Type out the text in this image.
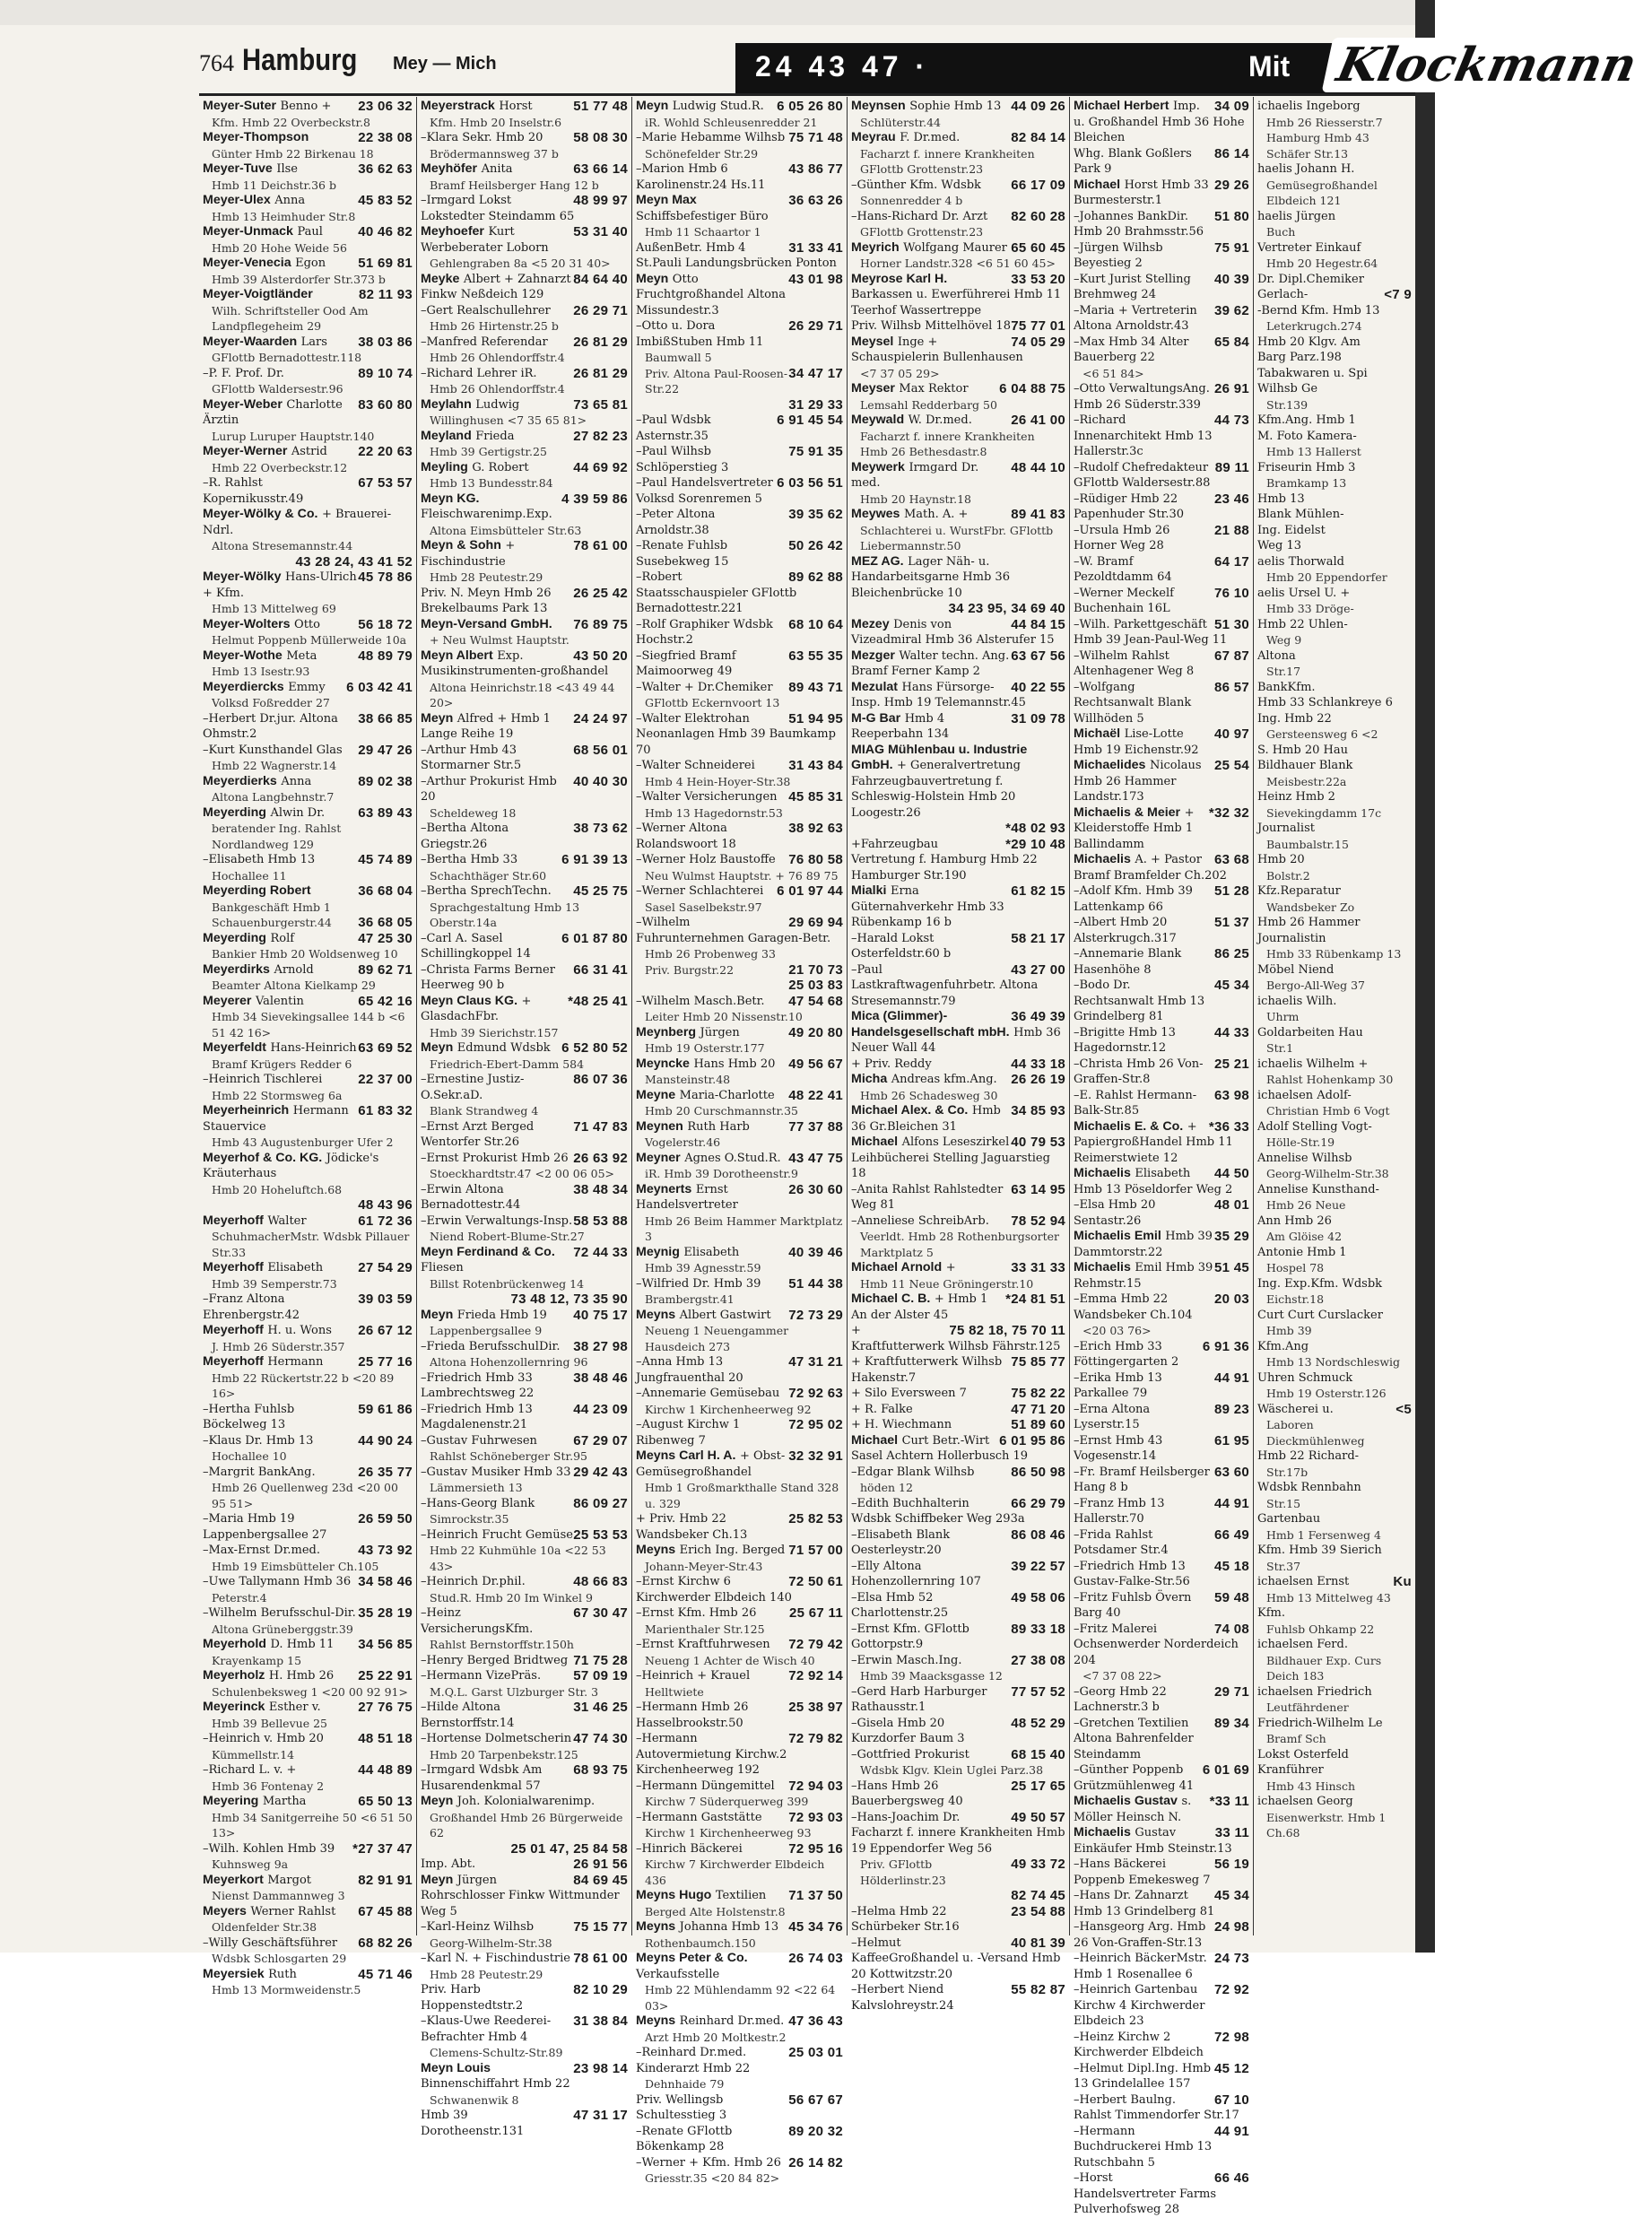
764 Hamburg Mey — Mich	24 43 47 ·	Mit Klockmann
23 06 32
Meyer-Suter Benno +
Kfm. Hmb 22 Overbeckstr.8
22 38 08
Meyer-Thompson
Günter Hmb 22 Birkenau 18
36 62 63
Meyer-Tuve Ilse
Hmb 11 Deichstr.36 b
45 83 52
Meyer-Ulex Anna
Hmb 13 Heimhuder Str.8
40 46 82
Meyer-Unmack Paul
Hmb 20 Hohe Weide 56
51 69 81
Meyer-Venecia Egon
Hmb 39 Alsterdorfer Str.373 b
82 11 93
Meyer-Voigtländer
Wilh. Schriftsteller Ood Am Landpflegeheim 29
38 03 86
Meyer-Waarden Lars
GFlottb Bernadottestr.118
89 10 74
–P. F. Prof. Dr.
GFlottb Waldersestr.96
83 60 80
Meyer-Weber Charlotte Ärztin
Lurup Luruper Hauptstr.140
22 20 63
Meyer-Werner Astrid
Hmb 22 Overbeckstr.12
67 53 57
–R. Rahlst Kopernikusstr.49
Meyer-Wölky & Co. + Brauerei-Ndrl.
Altona Stresemannstr.44
43 28 24, 43 41 52
45 78 86
Meyer-Wölky Hans-Ulrich + Kfm.
Hmb 13 Mittelweg 69
56 18 72
Meyer-Wolters Otto
Helmut Poppenb Müllerweide 10a
48 89 79
Meyer-Wothe Meta
Hmb 13 Isestr.93
6 03 42 41
Meyerdiercks Emmy
Volksd Foßredder 27
38 66 85
–Herbert Dr.jur. Altona Ohmstr.2
29 47 26
–Kurt Kunsthandel Glas
Hmb 22 Wagnerstr.14
89 02 38
Meyerdierks Anna
Altona Langbehnstr.7
63 89 43
Meyerding Alwin Dr.
beratender Ing. Rahlst Nordlandweg 129
45 74 89
–Elisabeth Hmb 13
Hochallee 11
36 68 04
Meyerding Robert
Bankgeschäft Hmb 1
36 68 05
Schauenburgerstr.44
47 25 30
Meyerding Rolf
Bankier Hmb 20 Woldsenweg 10
89 62 71
Meyerdirks Arnold
Beamter Altona Kielkamp 29
65 42 16
Meyerer Valentin
Hmb 34 Sievekingsallee 144 b <6 51 42 16>
63 69 52
Meyerfeldt Hans-Heinrich
Bramf Krügers Redder 6
22 37 00
–Heinrich Tischlerei
Hmb 22 Stormsweg 6a
61 83 32
Meyerheinrich Hermann Stauervice
Hmb 43 Augustenburger Ufer 2
Meyerhof & Co. KG. Jödicke's Kräuterhaus
Hmb 20 Hoheluftch.68
48 43 96
61 72 36
Meyerhoff Walter
SchuhmacherMstr. Wdsbk Pillauer Str.33
27 54 29
Meyerhoff Elisabeth
Hmb 39 Semperstr.73
39 03 59
–Franz Altona Ehrenbergstr.42
26 67 12
Meyerhoff H. u. Wons
J. Hmb 26 Süderstr.357
25 77 16
Meyerhoff Hermann
Hmb 22 Rückertstr.22 b <20 89 16>
59 61 86
–Hertha Fuhlsb Böckelweg 13
44 90 24
–Klaus Dr. Hmb 13
Hochallee 10
26 35 77
–Margrit BankAng.
Hmb 26 Quellenweg 23d <20 00 95 51>
26 59 50
–Maria Hmb 19 Lappenbergsallee 27
43 73 92
–Max-Ernst Dr.med.
Hmb 19 Eimsbütteler Ch.105
34 58 46
–Uwe Tallymann Hmb 36
Peterstr.4
35 28 19
–Wilhelm Berufsschul-Dir.
Altona Grüneberggstr.39
34 56 85
Meyerhold D. Hmb 11
Krayenkamp 15
25 22 91
Meyerholz H. Hmb 26
Schulenbeksweg 1 <20 00 92 91>
27 76 75
Meyerinck Esther v.
Hmb 39 Bellevue 25
48 51 18
–Heinrich v. Hmb 20
Kümmellstr.14
44 48 89
–Richard L. v. +
Hmb 36 Fontenay 2
65 50 13
Meyering Martha
Hmb 34 Sanitgerreihe 50 <6 51 50 13>
*27 37 47
–Wilh. Kohlen Hmb 39
Kuhnsweg 9a
82 91 91
Meyerkort Margot
Nienst Dammannweg 3
67 45 88
Meyers Werner Rahlst
Oldenfelder Str.38
68 82 26
–Willy Geschäftsführer
Wdsbk Schlosgarten 29
45 71 46
Meyersiek Ruth
Hmb 13 Mormweidenstr.5
51 77 48
Meyerstrack Horst
Kfm. Hmb 20 Inselstr.6
58 08 30
–Klara Sekr. Hmb 20
Brödermannsweg 37 b
63 66 14
Meyhöfer Anita
Bramf Heilsberger Hang 12 b
48 99 97
–Irmgard Lokst Lokstedter Steindamm 65
53 31 40
Meyhoefer Kurt Werbeberater Loborn
Gehlengraben 8a <5 20 31 40>
84 64 40
Meyke Albert + Zahnarzt Finkw Neßdeich 129
26 29 71
–Gert Realschullehrer
Hmb 26 Hirtenstr.25 b
26 81 29
–Manfred Referendar
Hmb 26 Ohlendorffstr.4
26 81 29
–Richard Lehrer iR.
Hmb 26 Ohlendorffstr.4
73 65 81
Meylahn Ludwig
Willinghusen <7 35 65 81>
27 82 23
Meyland Frieda
Hmb 39 Gertigstr.25
44 69 92
Meyling G. Robert
Hmb 13 Bundesstr.84
4 39 59 86
Meyn KG. Fleischwarenimp.Exp.
Altona Eimsbütteler Str.63
78 61 00
Meyn & Sohn + Fischindustrie
Hmb 28 Peutestr.29
26 25 42
Priv. N. Meyn Hmb 26 Brekelbaums Park 13
76 89 75
Meyn-Versand GmbH.
+ Neu Wulmst Hauptstr.
43 50 20
Meyn Albert Exp. Musikinstrumenten-großhandel
Altona Heinrichstr.18 <43 49 44 20>
24 24 97
Meyn Alfred + Hmb 1 Lange Reihe 19
68 56 01
–Arthur Hmb 43 Stormarner Str.5
40 40 30
–Arthur Prokurist Hmb 20
Scheldeweg 18
38 73 62
–Bertha Altona Griegstr.26
6 91 39 13
–Bertha Hmb 33
Schachthäger Str.60
45 25 75
–Bertha SprechTechn.
Sprachgestaltung Hmb 13 Oberstr.14a
6 01 87 80
–Carl A. Sasel Schillingkoppel 14
66 31 41
–Christa Farms Berner Heerweg 90 b
*48 25 41
Meyn Claus KG. + GlasdachFbr.
Hmb 39 Sierichstr.157
6 52 80 52
Meyn Edmund Wdsbk
Friedrich-Ebert-Damm 584
86 07 36
–Ernestine Justiz-O.Sekr.aD.
Blank Strandweg 4
71 47 83
–Ernst Arzt Berged Wentorfer Str.26
26 63 92
–Ernst Prokurist Hmb 26
Stoeckhardtstr.47 <2 00 06 05>
38 48 34
–Erwin Altona Bernadottestr.44
58 53 88
–Erwin Verwaltungs-Insp.
Niend Robert-Blume-Str.27
72 44 33
Meyn Ferdinand & Co. Fliesen
Billst Rotenbrückenweg 14
73 48 12, 73 35 90
40 75 17
Meyn Frieda Hmb 19
Lappenbergsallee 9
38 27 98
–Frieda BerufsschulDir.
Altona Hohenzollernring 96
38 48 46
–Friedrich Hmb 33 Lambrechtsweg 22
44 23 09
–Friedrich Hmb 13 Magdalenenstr.21
67 29 07
–Gustav Fuhrwesen
Rahlst Schöneberger Str.95
29 42 43
–Gustav Musiker Hmb 33
Lämmersieth 13
86 09 27
–Hans-Georg Blank
Simrockstr.35
25 53 53
–Heinrich Frucht Gemüse
Hmb 22 Kuhmühle 10a <22 53 43>
48 66 83
–Heinrich Dr.phil.
Stud.R. Hmb 20 Im Winkel 9
67 30 47
–Heinz VersicherungsKfm.
Rahlst Bernstorffstr.150h
71 75 28
–Henry Berged Bridtweg
57 09 19
–Hermann VizePräs.
M.Q.L. Garst Ulzburger Str. 3
31 46 25
–Hilde Altona Bernstorffstr.14
47 74 30
–Hortense Dolmetscherin
Hmb 20 Tarpenbekstr.125
68 93 75
–Irmgard Wdsbk Am Husarendenkmal 57
Meyn Joh. Kolonialwarenimp.
Großhandel Hmb 26 Bürgerweide 62
25 01 47, 25 84 58
26 91 56
Imp. Abt.
84 69 45
Meyn Jürgen Rohrschlosser Finkw Wittmunder Weg 5
75 15 77
–Karl-Heinz Wilhsb
Georg-Wilhelm-Str.38
78 61 00
–Karl N. + Fischindustrie
Hmb 28 Peutestr.29
82 10 29
Priv. Harb Hoppenstedtstr.2
31 38 84
–Klaus-Uwe Reederei-Befrachter Hmb 4
Clemens-Schultz-Str.89
23 98 14
Meyn Louis Binnenschiffahrt Hmb 22
Schwanenwik 8
47 31 17
Hmb 39 Dorotheenstr.131
6 05 26 80
Meyn Ludwig Stud.R.
iR. Wohld Schleusenredder 21
75 71 48
–Marie Hebamme Wilhsb
Schönefelder Str.29
43 86 77
–Marion Hmb 6 Karolinenstr.24 Hs.11
36 63 26
Meyn Max Schiffsbefestiger Büro
Hmb 11 Schaartor 1
31 33 41
AußenBetr. Hmb 4 St.Pauli Landungsbrücken Ponton
43 01 98
Meyn Otto Fruchtgroßhandel Altona Missundestr.3
26 29 71
–Otto u. Dora ImbißStuben Hmb 11
Baumwall 5
34 47 17
Priv. Altona Paul-Roosen-Str.22
31 29 33
6 91 45 54
–Paul Wdsbk Asternstr.35
75 91 35
–Paul Wilhsb Schlöperstieg 3
6 03 56 51
–Paul Handelsvertreter Volksd Sorenremen 5
39 35 62
–Peter Altona Arnoldstr.38
50 26 42
–Renate Fuhlsb Susebekweg 15
89 62 88
–Robert Staatsschauspieler GFlottb Bernadottestr.221
68 10 64
–Rolf Graphiker Wdsbk Hochstr.2
63 55 35
–Siegfried Bramf Maimoorweg 49
89 43 71
–Walter + Dr.Chemiker
GFlottb Eckernvoort 13
51 94 95
–Walter Elektrohan Neonanlagen Hmb 39 Baumkamp 70
31 43 84
–Walter Schneiderei
Hmb 4 Hein-Hoyer-Str.38
45 85 31
–Walter Versicherungen
Hmb 13 Hagedornstr.53
38 92 63
–Werner Altona Rolandswoort 18
76 80 58
–Werner Holz Baustoffe
Neu Wulmst Hauptstr. + 76 89 75
6 01 97 44
–Werner Schlachterei
Sasel Saselbekstr.97
29 69 94
–Wilhelm Fuhrunternehmen Garagen-Betr.
Hmb 26 Probenweg 33
21 70 73
Priv. Burgstr.22
25 03 83
47 54 68
–Wilhelm Masch.Betr.
Leiter Hmb 20 Nissenstr.10
49 20 80
Meynberg Jürgen
Hmb 19 Osterstr.177
49 56 67
Meyncke Hans Hmb 20
Mansteinstr.48
48 22 41
Meyne Maria-Charlotte
Hmb 20 Curschmannstr.35
77 37 88
Meynen Ruth Harb
Vogelerstr.46
43 47 75
Meyner Agnes O.Stud.R.
iR. Hmb 39 Dorotheenstr.9
26 30 60
Meynerts Ernst Handelsvertreter
Hmb 26 Beim Hammer Marktplatz 3
40 39 46
Meynig Elisabeth
Hmb 39 Agnesstr.59
51 44 38
–Wilfried Dr. Hmb 39
Brambergstr.41
72 73 29
Meyns Albert Gastwirt
Neueng 1 Neuengammer Hausdeich 273
47 31 21
–Anna Hmb 13 Jungfrauenthal 20
72 92 63
–Annemarie Gemüsebau
Kirchw 1 Kirchenheerweg 92
72 95 02
–August Kirchw 1 Ribenweg 7
32 32 91
Meyns Carl H. A. + Obst-Gemüsegroßhandel
Hmb 1 Großmarkthalle Stand 328 u. 329
25 82 53
+ Priv. Hmb 22 Wandsbeker Ch.13
71 57 00
Meyns Erich Ing. Berged
Johann-Meyer-Str.43
72 50 61
–Ernst Kirchw 6 Kirchwerder Elbdeich 140
25 67 11
–Ernst Kfm. Hmb 26
Marienthaler Str.125
72 79 42
–Ernst Kraftfuhrwesen
Neueng 1 Achter de Wisch 40
72 92 14
–Heinrich + Krauel
Helltwiete
25 38 97
–Hermann Hmb 26 Hasselbrookstr.50
72 79 82
–Hermann Autovermietung Kirchw.2 Kirchenheerweg 192
72 94 03
–Hermann Düngemittel
Kirchw 7 Süderquerweg 399
72 93 03
–Hermann Gaststätte
Kirchw 1 Kirchenheerweg 93
72 95 16
–Hinrich Bäckerei
Kirchw 7 Kirchwerder Elbdeich 436
71 37 50
Meyns Hugo Textilien
Berged Alte Holstenstr.8
45 34 76
Meyns Johanna Hmb 13
Rothenbaumch.150
26 74 03
Meyns Peter & Co. Verkaufsstelle
Hmb 22 Mühlendamm 92 <22 64 03>
47 36 43
Meyns Reinhard Dr.med.
Arzt Hmb 20 Moltkestr.2
25 03 01
–Reinhard Dr.med. Kinderarzt Hmb 22
Dehnhaide 79
56 67 67
Priv. Wellingsb Schultesstieg 3
89 20 32
–Renate GFlottb Bökenkamp 28
26 14 82
–Werner + Kfm. Hmb 26
Griesstr.35 <20 84 82>
44 09 26
Meynsen Sophie Hmb 13
Schlüterstr.44
82 84 14
Meyrau F. Dr.med.
Facharzt f. innere Krankheiten GFlottb Grottenstr.23
66 17 09
–Günther Kfm. Wdsbk
Sonnenredder 4 b
82 60 28
–Hans-Richard Dr. Arzt
GFlottb Grottenstr.23
65 60 45
Meyrich Wolfgang Maurer
Horner Landstr.328 <6 51 60 45>
33 53 20
Meyrose Karl H. Barkassen u. Ewerführerei Hmb 11 Teerhof Wassertreppe
75 77 01
Priv. Wilhsb Mittelhövel 18
74 05 29
Meysel Inge + Schauspielerin Bullenhausen
<7 37 05 29>
6 04 88 75
Meyser Max Rektor
Lemsahl Redderbarg 50
26 41 00
Meywald W. Dr.med.
Facharzt f. innere Krankheiten Hmb 26 Bethesdastr.8
48 44 10
Meywerk Irmgard Dr. med.
Hmb 20 Haynstr.18
89 41 83
Meywes Math. A. +
Schlachterei u. WurstFbr. GFlottb Liebermannstr.50
MEZ AG. Lager Näh- u. Handarbeitsgarne Hmb 36 Bleichenbrücke 10
34 23 95, 34 69 40
44 84 15
Mezey Denis von Vizeadmiral Hmb 36 Alsterufer 15
63 67 56
Mezger Walter techn. Ang. Bramf Ferner Kamp 2
40 22 55
Mezulat Hans Fürsorge-Insp. Hmb 19 Telemannstr.45
31 09 78
M-G Bar Hmb 4 Reeperbahn 134
MIAG Mühlenbau u. Industrie GmbH. + Generalvertretung Fahrzeugbauvertretung f. Schleswig-Holstein Hmb 20 Loogestr.26
*48 02 93
*29 10 48
+Fahrzeugbau Vertretung f. Hamburg Hmb 22 Hamburger Str.190
61 82 15
Mialki Erna Güternahverkehr Hmb 33 Rübenkamp 16 b
58 21 17
–Harald Lokst Osterfeldstr.60 b
43 27 00
–Paul Lastkraftwagenfuhrbetr. Altona Stresemannstr.79
36 49 39
Mica (Glimmer)-Handelsgesellschaft mbH. Hmb 36 Neuer Wall 44
44 33 18
+ Priv. Reddy
26 26 19
Micha Andreas kfm.Ang.
Hmb 26 Schadesweg 30
34 85 93
Michael Alex. & Co. Hmb 36 Gr.Bleichen 31
40 79 53
Michael Alfons Leseszirkel Leihbücherei Stelling Jaguarstieg 18
63 14 95
–Anita Rahlst Rahlstedter Weg 81
78 52 94
–Anneliese SchreibArb.
Veerldt. Hmb 28 Rothenburgsorter Marktplatz 5
33 31 33
Michael Arnold +
Hmb 11 Neue Gröningerstr.10
*24 81 51
Michael C. B. + Hmb 1 An der Alster 45
75 82 18, 75 70 11
+ Kraftfutterwerk Wilhsb Fährstr.125
75 85 77
+ Kraftfutterwerk Wilhsb Hakenstr.7
75 82 22
+ Silo Eversween 7
47 71 20
+ R. Falke
51 89 60
+ H. Wiechmann
6 01 95 86
Michael Curt Betr.-Wirt Sasel Achtern Hollerbusch 19
86 50 98
–Edgar Blank Wilhsb
höden 12
66 29 79
–Edith Buchhalterin Wdsbk Schiffbeker Weg 293a
86 08 46
–Elisabeth Blank Oesterleystr.20
39 22 57
–Elly Altona Hohenzollernring 107
49 58 06
–Elsa Hmb 52 Charlottenstr.25
89 33 18
–Ernst Kfm. GFlottb Gottorpstr.9
27 38 08
–Erwin Masch.Ing.
Hmb 39 Maacksgasse 12
77 57 52
–Gerd Harb Harburger Rathausstr.1
48 52 29
–Gisela Hmb 20 Kurzdorfer Baum 3
68 15 40
–Gottfried Prokurist
Wdsbk Klgv. Klein Uglei Parz.38
25 17 65
–Hans Hmb 26 Bauerbergsweg 40
49 50 57
–Hans-Joachim Dr. Facharzt f. innere Krankheiten Hmb 19 Eppendorfer Weg 56
49 33 72
Priv. GFlottb Hölderlinstr.23
82 74 45
23 54 88
–Helma Hmb 22 Schürbeker Str.16
40 81 39
–Helmut KaffeeGroßhandel u. -Versand Hmb 20 Kottwitzstr.20
55 82 87
–Herbert Niend Kalvslohreystr.24
34 09
Michael Herbert Imp. u. Großhandel Hmb 36 Hohe Bleichen
86 14
Whg. Blank Goßlers Park 9
29 26
Michael Horst Hmb 33 Burmesterstr.1
51 80
–Johannes BankDir. Hmb 20 Brahmsstr.56
75 91
–Jürgen Wilhsb Beyestieg 2
40 39
–Kurt Jurist Stelling Brehmweg 24
39 62
–Maria + Vertreterin Altona Arnoldstr.43
65 84
–Max Hmb 34 Alter Bauerberg 22
<6 51 84>
26 91
–Otto VerwaltungsAng. Hmb 26 Süderstr.339
44 73
–Richard Innenarchitekt Hmb 13 Hallerstr.3c
89 11
–Rudolf Chefredakteur GFlottb Waldersestr.88
23 46
–Rüdiger Hmb 22 Papenhuder Str.30
21 88
–Ursula Hmb 26 Horner Weg 28
64 17
–W. Bramf Pezoldtdamm 64
76 10
–Werner Meckelf Buchenhain 16L
51 30
–Wilh. Parkettgeschäft Hmb 39 Jean-Paul-Weg 11
67 87
–Wilhelm Rahlst Altenhagener Weg 8
86 57
–Wolfgang Rechtsanwalt Blank Willhöden 5
40 97
Michaël Lise-Lotte Hmb 19 Eichenstr.92
25 54
Michaelides Nicolaus Hmb 26 Hammer Landstr.173
*32 32
Michaelis & Meier + Kleiderstoffe Hmb 1 Ballindamm
63 68
Michaelis A. + Pastor Bramf Bramfelder Ch.202
51 28
–Adolf Kfm. Hmb 39 Lattenkamp 66
51 37
–Albert Hmb 20 Alsterkrugch.317
86 25
–Annemarie Blank Hasenhöhe 8
45 34
–Bodo Dr. Rechtsanwalt Hmb 13 Grindelberg 81
44 33
–Brigitte Hmb 13 Hagedornstr.12
25 21
–Christa Hmb 26 Von-Graffen-Str.8
63 98
–E. Rahlst Hermann-Balk-Str.85
*36 33
Michaelis E. & Co. + PapiergroßHandel Hmb 11 Reimerstwiete 12
44 50
Michaelis Elisabeth Hmb 13 Pöseldorfer Weg 2
48 01
–Elsa Hmb 20 Sentastr.26
35 29
Michaelis Emil Hmb 39 Dammtorstr.22
51 45
Michaelis Emil Hmb 39 Rehmstr.15
20 03
–Emma Hmb 22 Wandsbeker Ch.104
<20 03 76>
6 91 36
–Erich Hmb 33 Föttingergarten 2
44 91
–Erika Hmb 13 Parkallee 79
89 23
–Erna Altona Lyserstr.15
61 95
–Ernst Hmb 43 Vogesenstr.14
63 60
–Fr. Bramf Heilsberger Hang 8 b
44 91
–Franz Hmb 13 Hallerstr.70
66 49
–Frida Rahlst Potsdamer Str.4
45 18
–Friedrich Hmb 13 Gustav-Falke-Str.56
59 48
–Fritz Fuhlsb Övern Barg 40
74 08
–Fritz Malerei Ochsenwerder Norderdeich 204
<7 37 08 22>
29 71
–Georg Hmb 22 Lachnerstr.3 b
89 34
–Gretchen Textilien Altona Bahrenfelder Steindamm
6 01 69
–Günther Poppenb Grützmühlenweg 41
*33 11
Michaelis Gustav s. Möller Heinsch N.
33 11
Michaelis Gustav Einkäufer Hmb Steinstr.13
56 19
–Hans Bäckerei Poppenb Emekesweg 7
45 34
–Hans Dr. Zahnarzt Hmb 13 Grindelberg 81
24 98
–Hansgeorg Arg. Hmb 26 Von-Graffen-Str.13
24 73
–Heinrich BäckerMstr. Hmb 1 Rosenallee 6
72 92
–Heinrich Gartenbau Kirchw 4 Kirchwerder Elbdeich 23
72 98
–Heinz Kirchw 2 Kirchwerder Elbdeich
45 12
–Helmut Dipl.Ing. Hmb 13 Grindelallee 157
67 10
–Herbert Baulng. Rahlst Timmendorfer Str.17
44 91
–Hermann Buchdruckerei Hmb 13 Rutschbahn 5
66 46
–Horst Handelsvertreter Farms Pulverhofsweg 28
ichaelis Ingeborg
Hmb 26 Riesserstr.7
Hamburg Hmb 43
Schäfer Str.13
haelis Johann H.
Gemüsegroßhandel
Elbdeich 121
haelis Jürgen
Buch
Vertreter Einkauf
Hmb 20 Hegestr.64
Dr. Dipl.Chemiker
<7 9
Gerlach-
-Bernd Kfm. Hmb 13
Leterkrugch.274
Hmb 20 Klgv. Am
Barg Parz.198
Tabakwaren u. Spi
Wilhsb Ge
Str.139
Kfm.Ang. Hmb 1
M. Foto Kamera-
Hmb 13 Hallerst
Friseurin Hmb 3
Bramkamp 13
Hmb 13
Blank Mühlen-
Ing. Eidelst
Weg 13
aelis Thorwald
Hmb 20 Eppendorfer
aelis Ursel U. +
Hmb 33 Dröge-
Hmb 22 Uhlen-
Weg 9
Altona
Str.17
BankKfm.
Hmb 33 Schlankreye 6
Ing. Hmb 22
Gersteensweg 6 <2
S. Hmb 20 Hau
Bildhauer Blank
Meisbestr.22a
Heinz Hmb 2
Sievekingdamm 17c
Journalist
Baumbalstr.15
Hmb 20
Bolstr.2
Kfz.Reparatur
Wandsbeker Zo
Hmb 26 Hammer
Journalistin
Hmb 33 Rübenkamp 13
Möbel Niend
Bergo-All-Weg 37
ichaelis Wilh.
Uhrm
Goldarbeiten Hau
Str.1
ichaelis Wilhelm +
Rahlst Hohenkamp 30
ichaelsen Adolf-
Christian Hmb 6 Vogt
Adolf Stelling Vogt-
Hölle-Str.19
Annelise Wilhsb
Georg-Wilhelm-Str.38
Annelise Kunsthand-
Hmb 26 Neue
Ann Hmb 26
Am Glöise 42
Antonie Hmb 1
Hospel 78
Ing. Exp.Kfm. Wdsbk
Eichstr.18
Curt Curt Curslacker
Hmb 39
Kfm.Ang
Hmb 13 Nordschleswig
Uhren Schmuck
Hmb 19 Osterstr.126
<5
Wäscherei u.
Laboren Dieckmühlenweg
Hmb 22 Richard-
Str.17b
Wdsbk Rennbahn
Str.15
Gartenbau
Hmb 1 Fersenweg 4
Kfm. Hmb 39 Sierich
Str.37
Ku
ichaelsen Ernst
Hmb 13 Mittelweg 43
Kfm.
Fuhlsb Ohkamp 22
ichaelsen Ferd.
Bildhauer Exp. Curs
Deich 183
ichaelsen Friedrich
Leutfährdener
Friedrich-Wilhelm Le
Bramf Sch
Lokst Osterfeld
Kranführer
Hmb 43 Hinsch
ichaelsen Georg
Eisenwerkstr. Hmb 1
Ch.68
